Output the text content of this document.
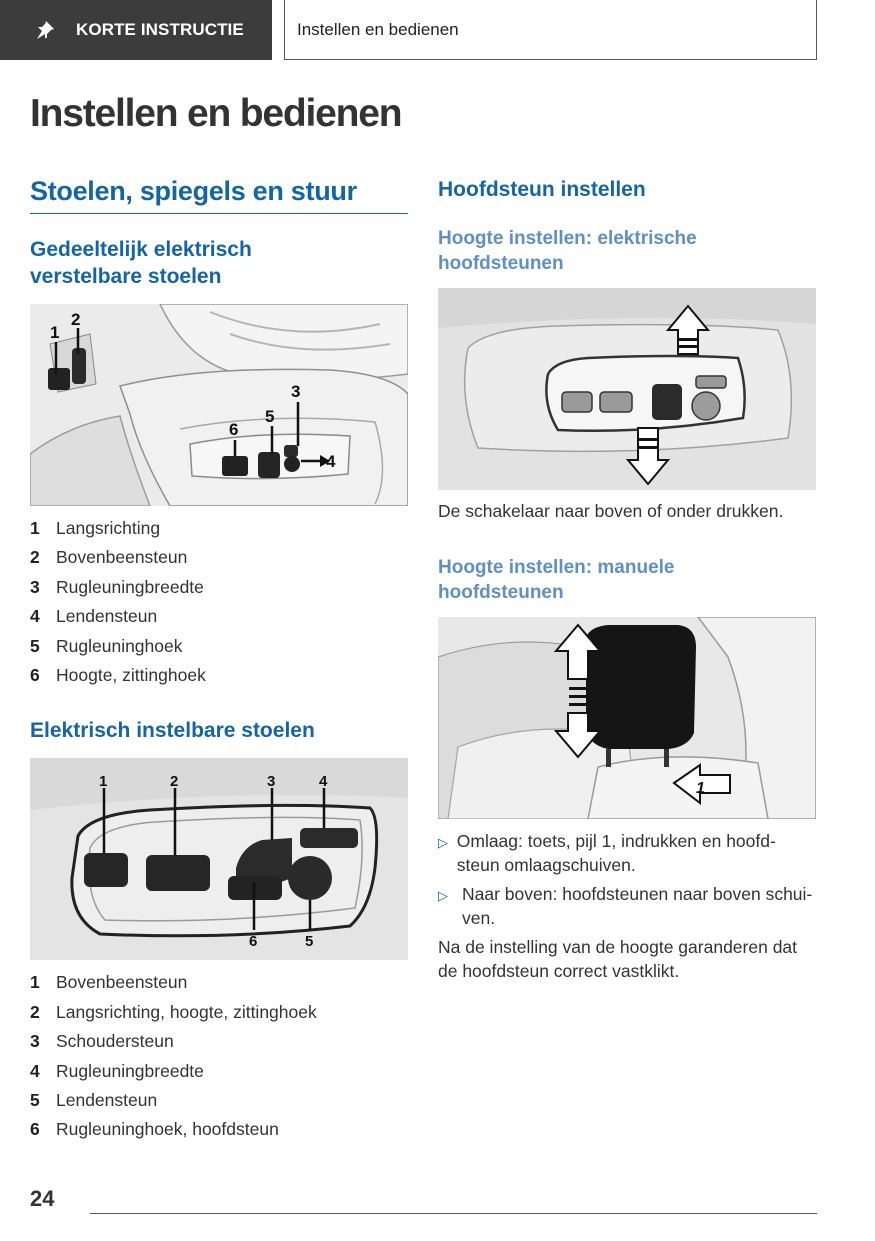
KORTE INSTRUCTIE	Instellen en bedienen
Instellen en bedienen
Stoelen, spiegels en stuur
Gedeeltelijk elektrisch verstelbare stoelen
1
2
3
4
5
6
1 Langsrichting
2 Bovenbeensteun
3 Rugleuningbreedte
4 Lendensteun
5 Rugleuninghoek
6 Hoogte, zittinghoek
Elektrisch instelbare stoelen
1	2	3	4
5
6
1 Bovenbeensteun
2 Langsrichting, hoogte, zittinghoek
3 Schoudersteun
4 Rugleuningbreedte
5 Lendensteun
6 Rugleuninghoek, hoofdsteun
Hoofdsteun instellen
Hoogte instellen: elektrische hoofdsteunen

De schakelaar naar boven of onder drukken.

Hoogte instellen: manuele hoofdsteunen
1
▷ Omlaag: toets, pijl 1, indrukken en hoofd-steun omlaagschuiven.
▷ Naar boven: hoofdsteunen naar boven schui-ven.

Na de instelling van de hoogte garanderen dat de hoofdsteun correct vastklikt.

24
